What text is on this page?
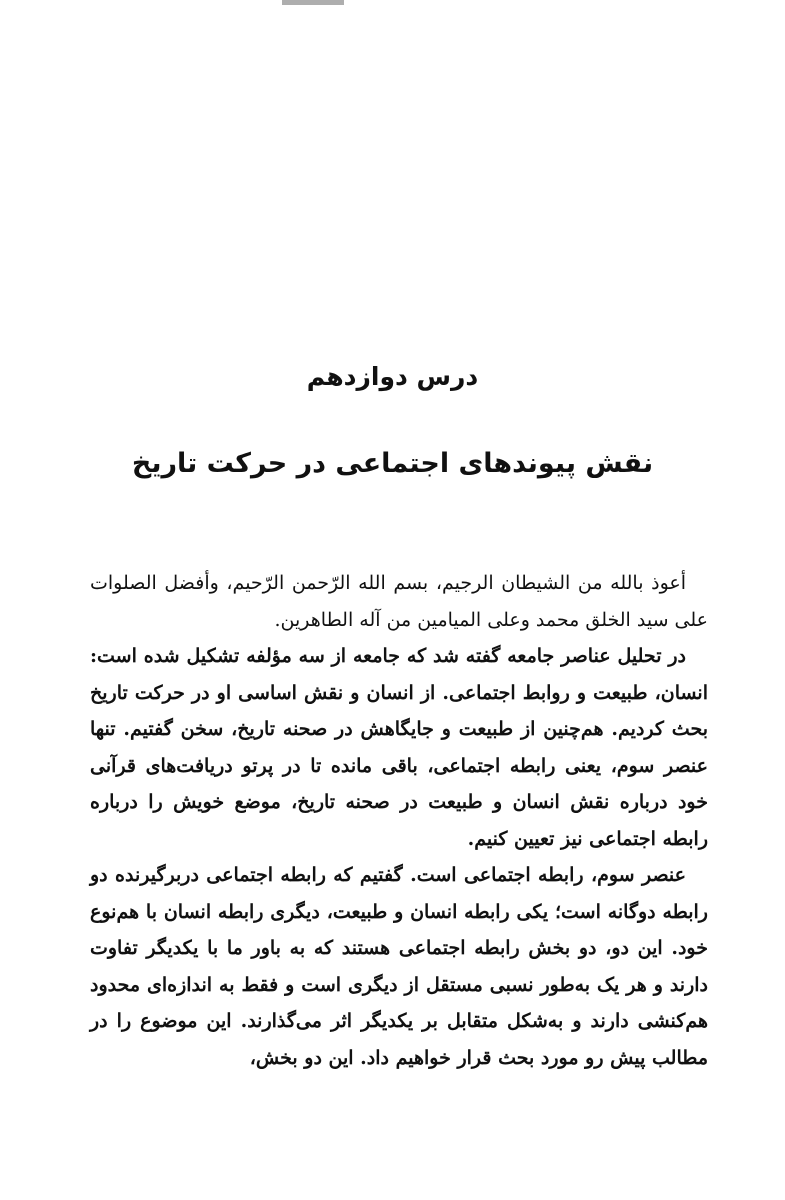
درس دوازدهم
نقش پیوندهای اجتماعی در حرکت تاریخ

أعوذ بالله من الشيطان الرجيم، بسم الله الرّحمن الرّحيم، وأفضل الصلوات على سيد الخلق محمد وعلى الميامين من آله الطاهرين.

در تحلیل عناصر جامعه گفته شد که جامعه از سه مؤلفه تشکیل شده است: انسان، طبیعت و روابط اجتماعی. از انسان و نقش اساسی او در حرکت تاریخ بحث کردیم. هم‌چنین از طبیعت و جایگاهش در صحنه تاریخ، سخن گفتیم. تنها عنصر سوم، یعنی رابطه اجتماعی، باقی مانده تا در پرتو دریافت‌های قرآنی خود درباره نقش انسان و طبیعت در صحنه تاریخ، موضع خویش را درباره رابطه اجتماعی نیز تعیین کنیم.

عنصر سوم، رابطه اجتماعی است. گفتیم که رابطه اجتماعی دربرگیرنده دو رابطه دوگانه است؛ یکی رابطه انسان و طبیعت، دیگری رابطه انسان با هم‌نوع خود. این دو، دو بخش رابطه اجتماعی هستند که به باور ما با یکدیگر تفاوت دارند و هر یک به‌طور نسبی مستقل از دیگری است و فقط به اندازه‌ای محدود هم‌کنشی دارند و به‌شکل متقابل بر یکدیگر اثر می‌گذارند. این موضوع را در مطالب پیش رو مورد بحث قرار خواهیم داد. این دو بخش،
